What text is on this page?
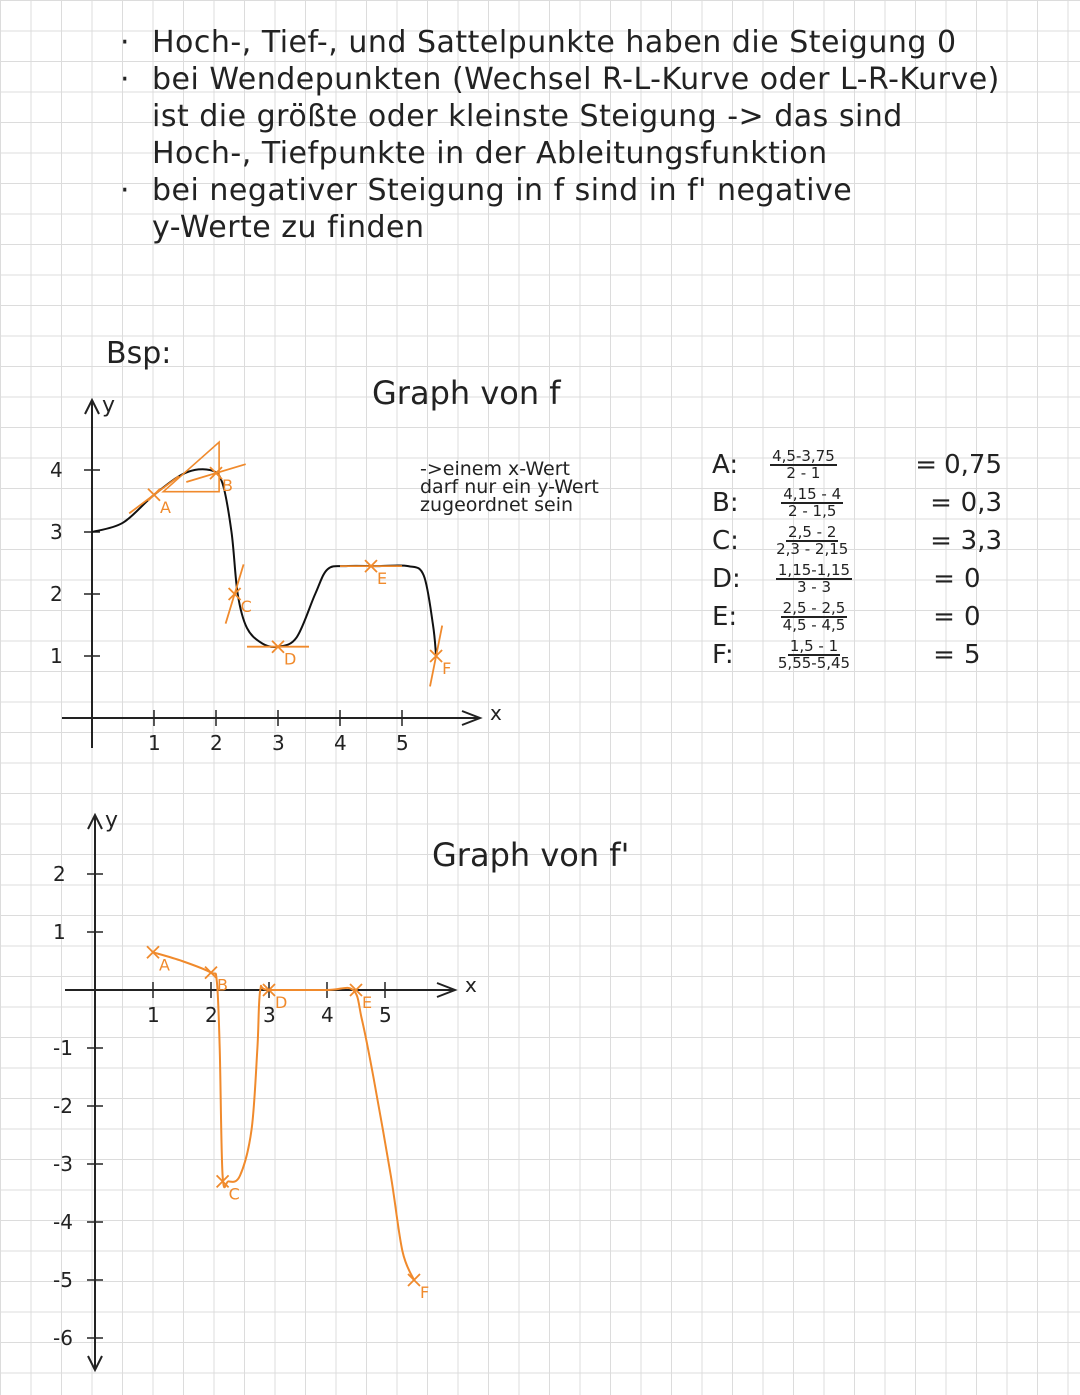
· Hoch-, Tief-, und Sattelpunkte haben die Steigung 0
· bei Wendepunkten (Wechsel R-L-Kurve oder L-R-Kurve)
ist die größte oder kleinste Steigung -> das sind
Hoch-, Tiefpunkte in der Ableitungsfunktion
· bei negativer Steigung in f sind in f' negative
y-Werte zu finden
Bsp:
Graph von f
Graph von f'
->einem x-Wert
darf nur ein y-Wert
zugeordnet sein
A:	$\frac{4,5-3,75}{2 - 1}$	= 0,75
B:	$\frac{4,15 - 4}{2 - 1,5}$	= 0,3
C:	$\frac{2,5 - 2}{2,3 - 2,15}$	= 3,3
D:	$\frac{1,15-1,15}{3 - 3}$	= 0
E:	$\frac{2,5 - 2,5}{4,5 - 4,5}$	= 0
F:	$\frac{1,5 - 1}{5,55-5,45}$	= 5
x
y
1 2 3 4 5
1
2
3
4
A
B
C
D
E
F
x
y
1 2 3 4 5
2
1
-1
-2
-3
-4
-5
-6
A
B
C
D	E
F
